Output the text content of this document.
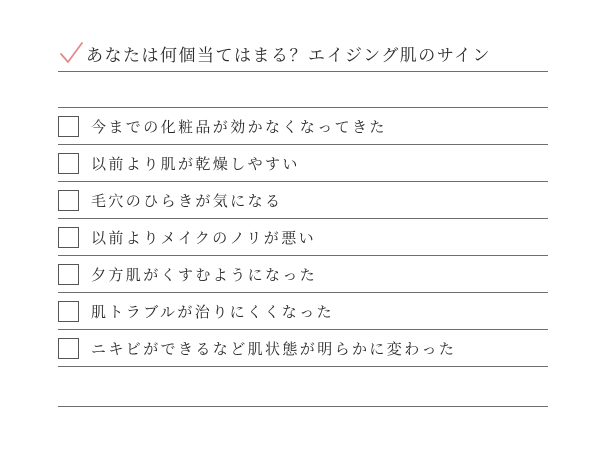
あなたは何個当てはまる？エイジング肌のサイン
今までの化粧品が効かなくなってきた
以前より肌が乾燥しやすい
毛穴のひらきが気になる
以前よりメイクのノリが悪い
夕方肌がくすむようになった
肌トラブルが治りにくくなった
ニキビができるなど肌状態が明らかに変わった
